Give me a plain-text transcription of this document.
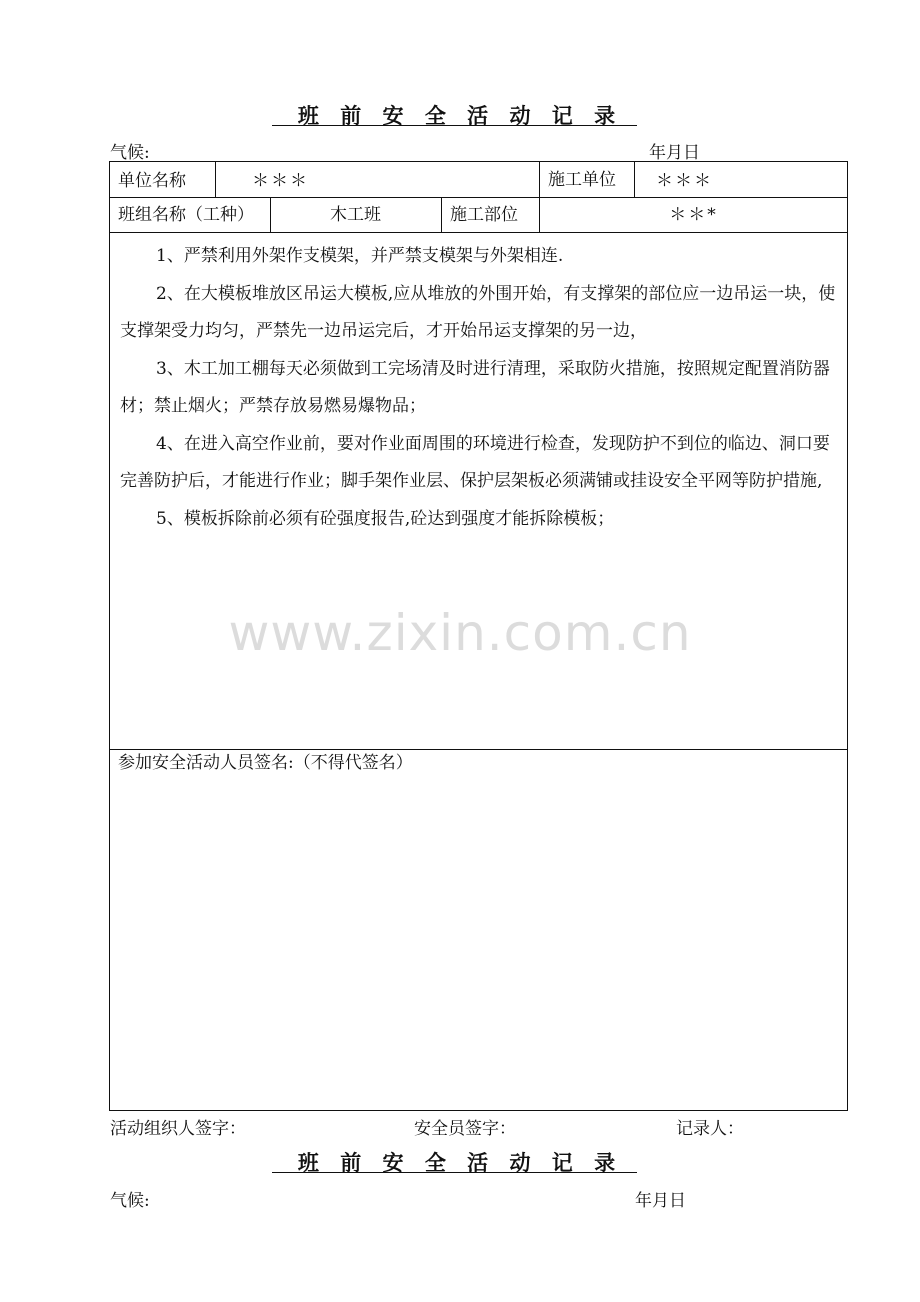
班 前 安 全 活 动 记 录
气候:	年月日
单位名称	＊＊＊	施工单位 ＊＊＊
班组名称（工种）	木工班	施工部位	＊＊*

1、严禁利用外架作支模架，并严禁支模架与外架相连.

2、在大模板堆放区吊运大模板,应从堆放的外围开始，有支撑架的部位应一边吊运一块，使支撑架受力均匀，严禁先一边吊运完后，才开始吊运支撑架的另一边，

3、木工加工棚每天必须做到工完场清及时进行清理，采取防火措施，按照规定配置消防器材；禁止烟火；严禁存放易燃易爆物品；

4、在进入高空作业前，要对作业面周围的环境进行检查，发现防护不到位的临边、洞口要完善防护后，才能进行作业；脚手架作业层、保护层架板必须满铺或挂设安全平网等防护措施,

5、模板拆除前必须有砼强度报告,砼达到强度才能拆除模板；

www.zixin.com.cn
参加安全活动人员签名:（不得代签名）
活动组织人签字：	安全员签字：	记录人：
班 前 安 全 活 动 记 录
气候:	年月日
